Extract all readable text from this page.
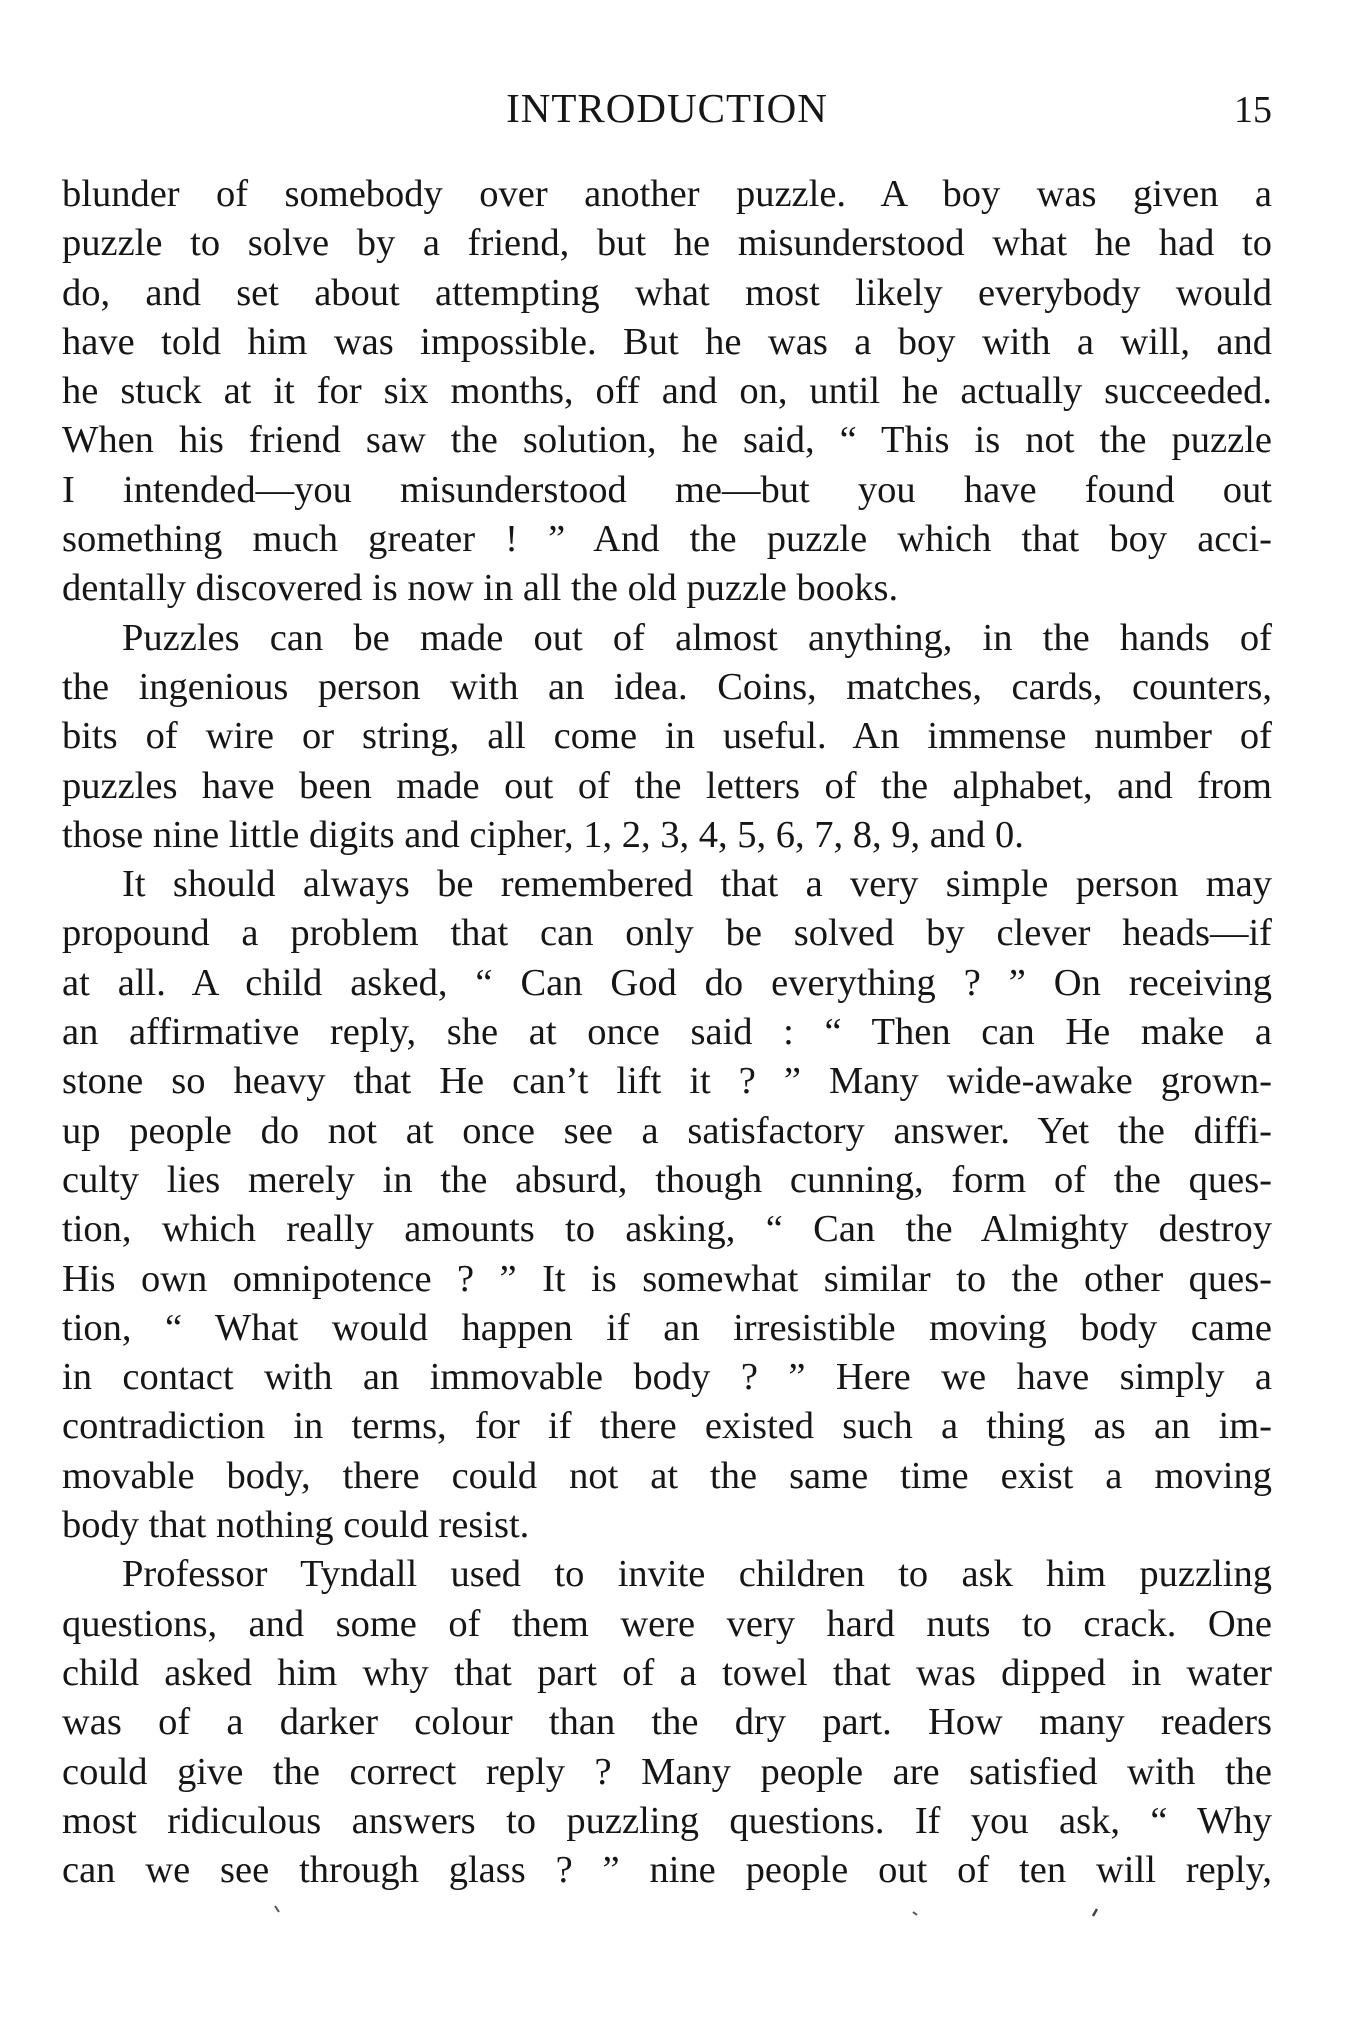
INTRODUCTION	15
blunder of somebody over another puzzle. A boy was given a
puzzle to solve by a friend, but he misunderstood what he had to
do, and set about attempting what most likely everybody would
have told him was impossible. But he was a boy with a will, and
he stuck at it for six months, off and on, until he actually succeeded.
When his friend saw the solution, he said, “ This is not the puzzle
I intended—you misunderstood me—but you have found out
something much greater ! ” And the puzzle which that boy acci-
dentally discovered is now in all the old puzzle books.
Puzzles can be made out of almost anything, in the hands of
the ingenious person with an idea. Coins, matches, cards, counters,
bits of wire or string, all come in useful. An immense number of
puzzles have been made out of the letters of the alphabet, and from
those nine little digits and cipher, 1, 2, 3, 4, 5, 6, 7, 8, 9, and 0.
It should always be remembered that a very simple person may
propound a problem that can only be solved by clever heads—if
at all. A child asked, “ Can God do everything ? ” On receiving
an affirmative reply, she at once said : “ Then can He make a
stone so heavy that He can’t lift it ? ” Many wide-awake grown-
up people do not at once see a satisfactory answer. Yet the diffi-
culty lies merely in the absurd, though cunning, form of the ques-
tion, which really amounts to asking, “ Can the Almighty destroy
His own omnipotence ? ” It is somewhat similar to the other ques-
tion, “ What would happen if an irresistible moving body came
in contact with an immovable body ? ” Here we have simply a
contradiction in terms, for if there existed such a thing as an im-
movable body, there could not at the same time exist a moving
body that nothing could resist.
Professor Tyndall used to invite children to ask him puzzling
questions, and some of them were very hard nuts to crack. One
child asked him why that part of a towel that was dipped in water
was of a darker colour than the dry part. How many readers
could give the correct reply ? Many people are satisfied with the
most ridiculous answers to puzzling questions. If you ask, “ Why
can we see through glass ? ” nine people out of ten will reply,
